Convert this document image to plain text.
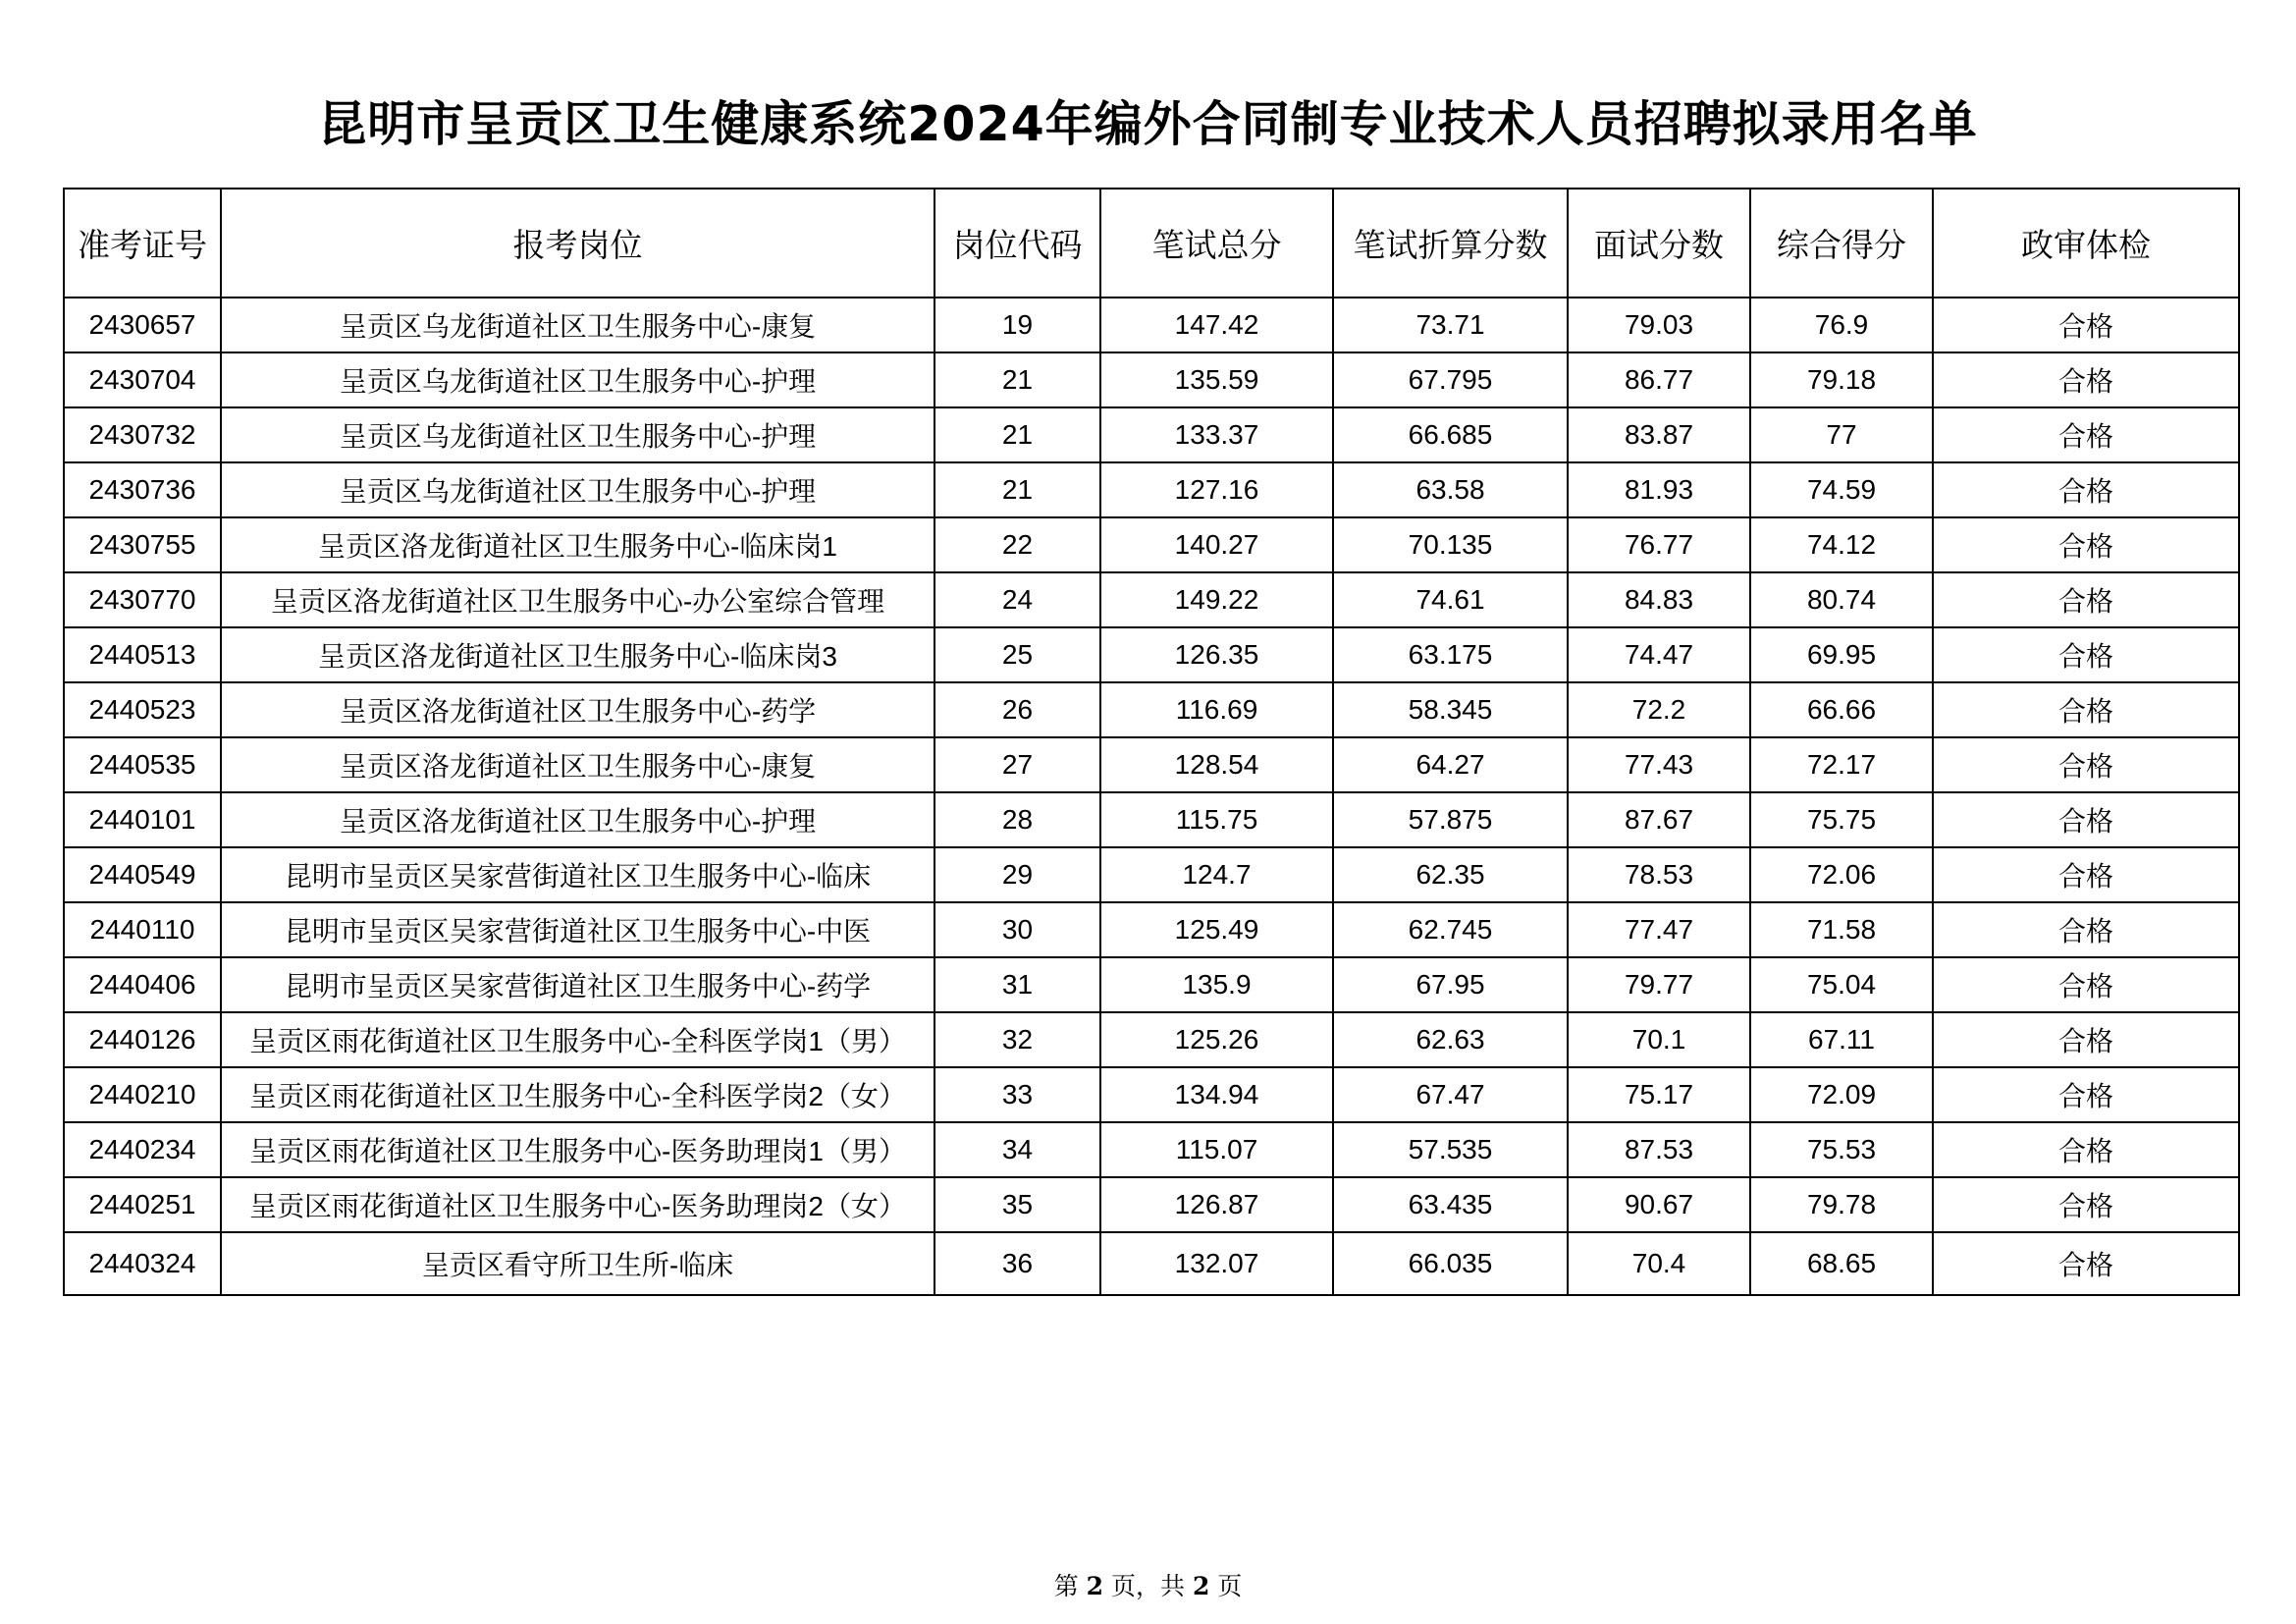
昆明市呈贡区卫生健康系统2024年编外合同制专业技术人员招聘拟录用名单
准考证号	报考岗位	岗位代码	笔试总分	笔试折算分数	面试分数	综合得分	政审体检
2430657	呈贡区乌龙街道社区卫生服务中心-康复	19	147.42	73.71	79.03	76.9	合格
2430704	呈贡区乌龙街道社区卫生服务中心-护理	21	135.59	67.795	86.77	79.18	合格
2430732	呈贡区乌龙街道社区卫生服务中心-护理	21	133.37	66.685	83.87	77	合格
2430736	呈贡区乌龙街道社区卫生服务中心-护理	21	127.16	63.58	81.93	74.59	合格
2430755	呈贡区洛龙街道社区卫生服务中心-临床岗1	22	140.27	70.135	76.77	74.12	合格
2430770	呈贡区洛龙街道社区卫生服务中心-办公室综合管理	24	149.22	74.61	84.83	80.74	合格
2440513	呈贡区洛龙街道社区卫生服务中心-临床岗3	25	126.35	63.175	74.47	69.95	合格
2440523	呈贡区洛龙街道社区卫生服务中心-药学	26	116.69	58.345	72.2	66.66	合格
2440535	呈贡区洛龙街道社区卫生服务中心-康复	27	128.54	64.27	77.43	72.17	合格
2440101	呈贡区洛龙街道社区卫生服务中心-护理	28	115.75	57.875	87.67	75.75	合格
2440549	昆明市呈贡区吴家营街道社区卫生服务中心-临床	29	124.7	62.35	78.53	72.06	合格
2440110	昆明市呈贡区吴家营街道社区卫生服务中心-中医	30	125.49	62.745	77.47	71.58	合格
2440406	昆明市呈贡区吴家营街道社区卫生服务中心-药学	31	135.9	67.95	79.77	75.04	合格
2440126	呈贡区雨花街道社区卫生服务中心-全科医学岗1（男）	32	125.26	62.63	70.1	67.11	合格
2440210	呈贡区雨花街道社区卫生服务中心-全科医学岗2（女）	33	134.94	67.47	75.17	72.09	合格
2440234	呈贡区雨花街道社区卫生服务中心-医务助理岗1（男）	34	115.07	57.535	87.53	75.53	合格
2440251	呈贡区雨花街道社区卫生服务中心-医务助理岗2（女）	35	126.87	63.435	90.67	79.78	合格
2440324	呈贡区看守所卫生所-临床	36	132.07	66.035	70.4	68.65	合格
第 2 页，共 2 页
